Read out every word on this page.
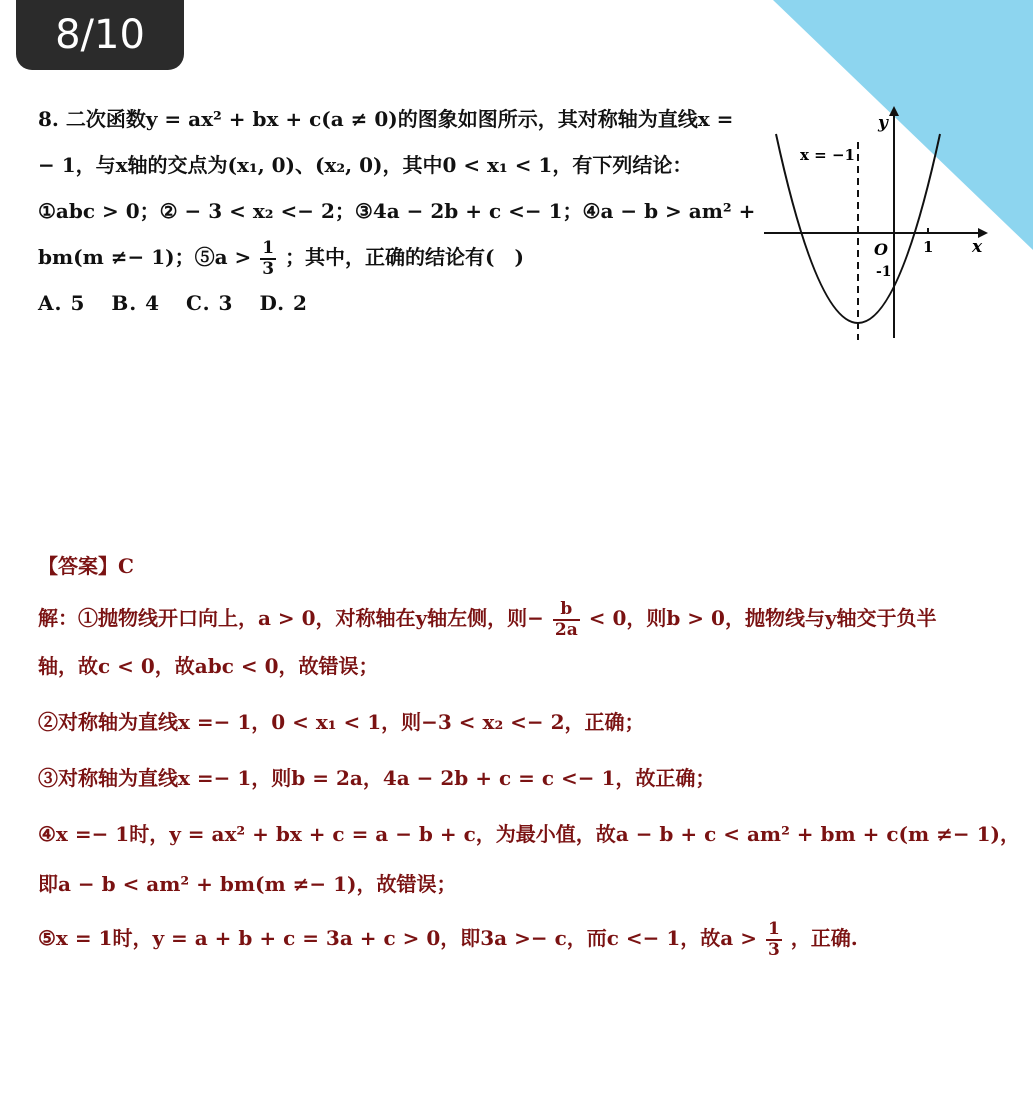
8/10

8. 二次函数y = ax² + bx + c(a ≠ 0)的图象如图所示，其对称轴为直线x =

− 1，与x轴的交点为(x₁, 0)、(x₂, 0)，其中0 < x₁ < 1，有下列结论：

①abc > 0；② − 3 < x₂ <− 2；③4a − 2b + c <− 1；④a − b > am² +

bm(m ≠− 1)；⑤a > $\frac{1}{3}$ ；其中，正确的结论有(　)

A. 5 B. 4 C. 3 D. 2

x = −1
y
x
O 1
-1

【答案】C

解：①抛物线开口向上，a > 0，对称轴在y轴左侧，则− $\frac{b}{2a} < 0$，则b > 0，抛物线与y轴交于负半

轴，故c < 0，故abc < 0，故错误；

②对称轴为直线x =− 1，0 < x₁ < 1，则−3 < x₂ <− 2，正确；

③对称轴为直线x =− 1，则b = 2a，4a − 2b + c = c <− 1，故正确；

④x =− 1时，y = ax² + bx + c = a − b + c，为最小值，故a − b + c < am² + bm + c(m ≠− 1)，

即a − b < am² + bm(m ≠− 1)，故错误；

⑤x = 1时，y = a + b + c = 3a + c > 0，即3a >− c，而c <− 1，故$a > \frac{1}{3}$ ，正确.
